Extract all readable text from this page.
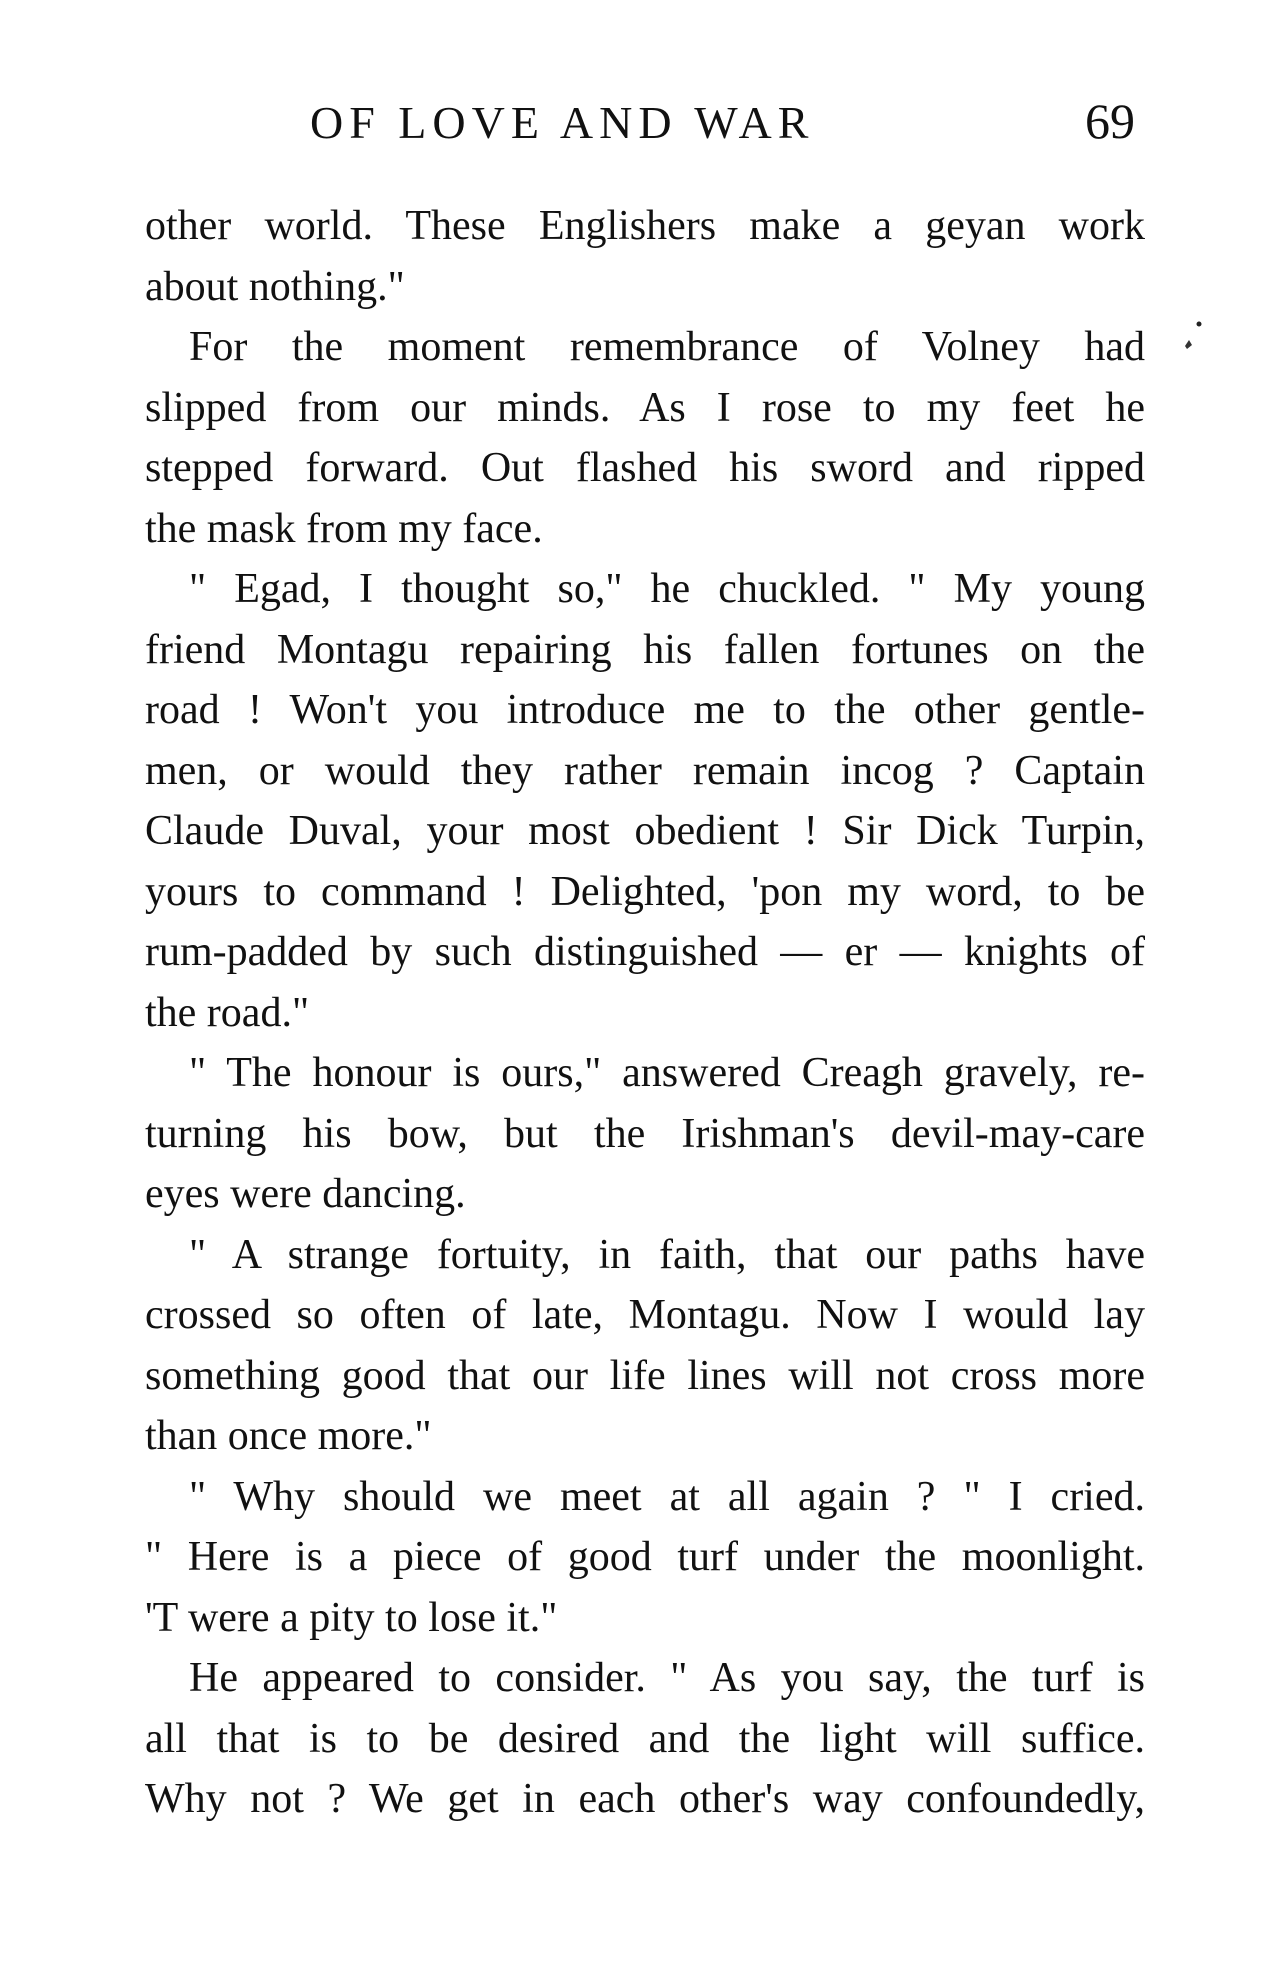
OF LOVE AND WAR	69

other world. These Englishers make a geyan work
about nothing."

For the moment remembrance of Volney had
slipped from our minds. As I rose to my feet he
stepped forward. Out flashed his sword and ripped
the mask from my face.

" Egad, I thought so," he chuckled. " My young
friend Montagu repairing his fallen fortunes on the
road ! Won't you introduce me to the other gentle-
men, or would they rather remain incog ? Captain
Claude Duval, your most obedient ! Sir Dick Turpin,
yours to command ! Delighted, 'pon my word, to be
rum-padded by such distinguished — er — knights of
the road."

" The honour is ours," answered Creagh gravely, re-
turning his bow, but the Irishman's devil-may-care
eyes were dancing.

" A strange fortuity, in faith, that our paths have
crossed so often of late, Montagu. Now I would lay
something good that our life lines will not cross more
than once more."

" Why should we meet at all again ? " I cried.
" Here is a piece of good turf under the moonlight.
'T were a pity to lose it."

He appeared to consider. " As you say, the turf is
all that is to be desired and the light will suffice.
Why not ? We get in each other's way confoundedly,
